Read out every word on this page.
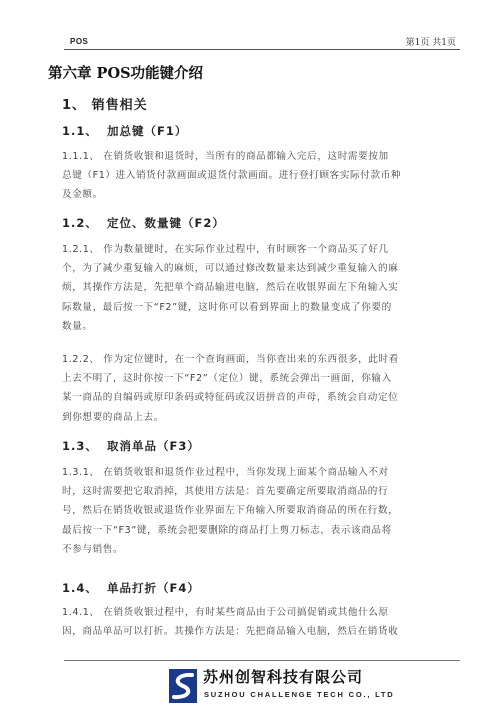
POS	第1页 共1页
第六章 POS功能键介绍
1、 销售相关
1.1、 加总键（F1）
1.1.1、 在销货收银和退货时，当所有的商品都输入完后，这时需要按加
总键（F1）进入销货付款画面或退货付款画面。进行登打顾客实际付款币种
及金额。
1.2、 定位、数量键（F2）
1.2.1、 作为数量键时，在实际作业过程中，有时顾客一个商品买了好几
个，为了减少重复输入的麻烦，可以通过修改数量来达到减少重复输入的麻
烦，其操作方法是，先把单个商品输进电脑，然后在收银界面左下角输入实
际数量，最后按一下“F2”键，这时你可以看到界面上的数量变成了你要的
数量。
1.2.2、 作为定位键时，在一个查询画面，当你查出来的东西很多，此时看
上去不明了，这时你按一下“F2”（定位）键，系统会弹出一画面，你输入
某一商品的自编码或原印条码或特征码或汉语拼音的声母，系统会自动定位
到你想要的商品上去。
1.3、 取消单品（F3）
1.3.1、 在销货收银和退货作业过程中，当你发现上面某个商品输入不对
时，这时需要把它取消掉，其使用方法是：首先要确定所要取消商品的行
号，然后在销货收银或退货作业界面左下角输入所要取消商品的所在行数，
最后按一下“F3”键，系统会把要删除的商品打上剪刀标志，表示该商品将
不参与销售。
1.4、 单品打折（F4）
1.4.1、 在销货收银过程中，有时某些商品由于公司搞促销或其他什么原
因，商品单品可以打折。其操作方法是：先把商品输入电脑，然后在销货收
苏州创智科技有限公司
SUZHOU CHALLENGE TECH CO., LTD
